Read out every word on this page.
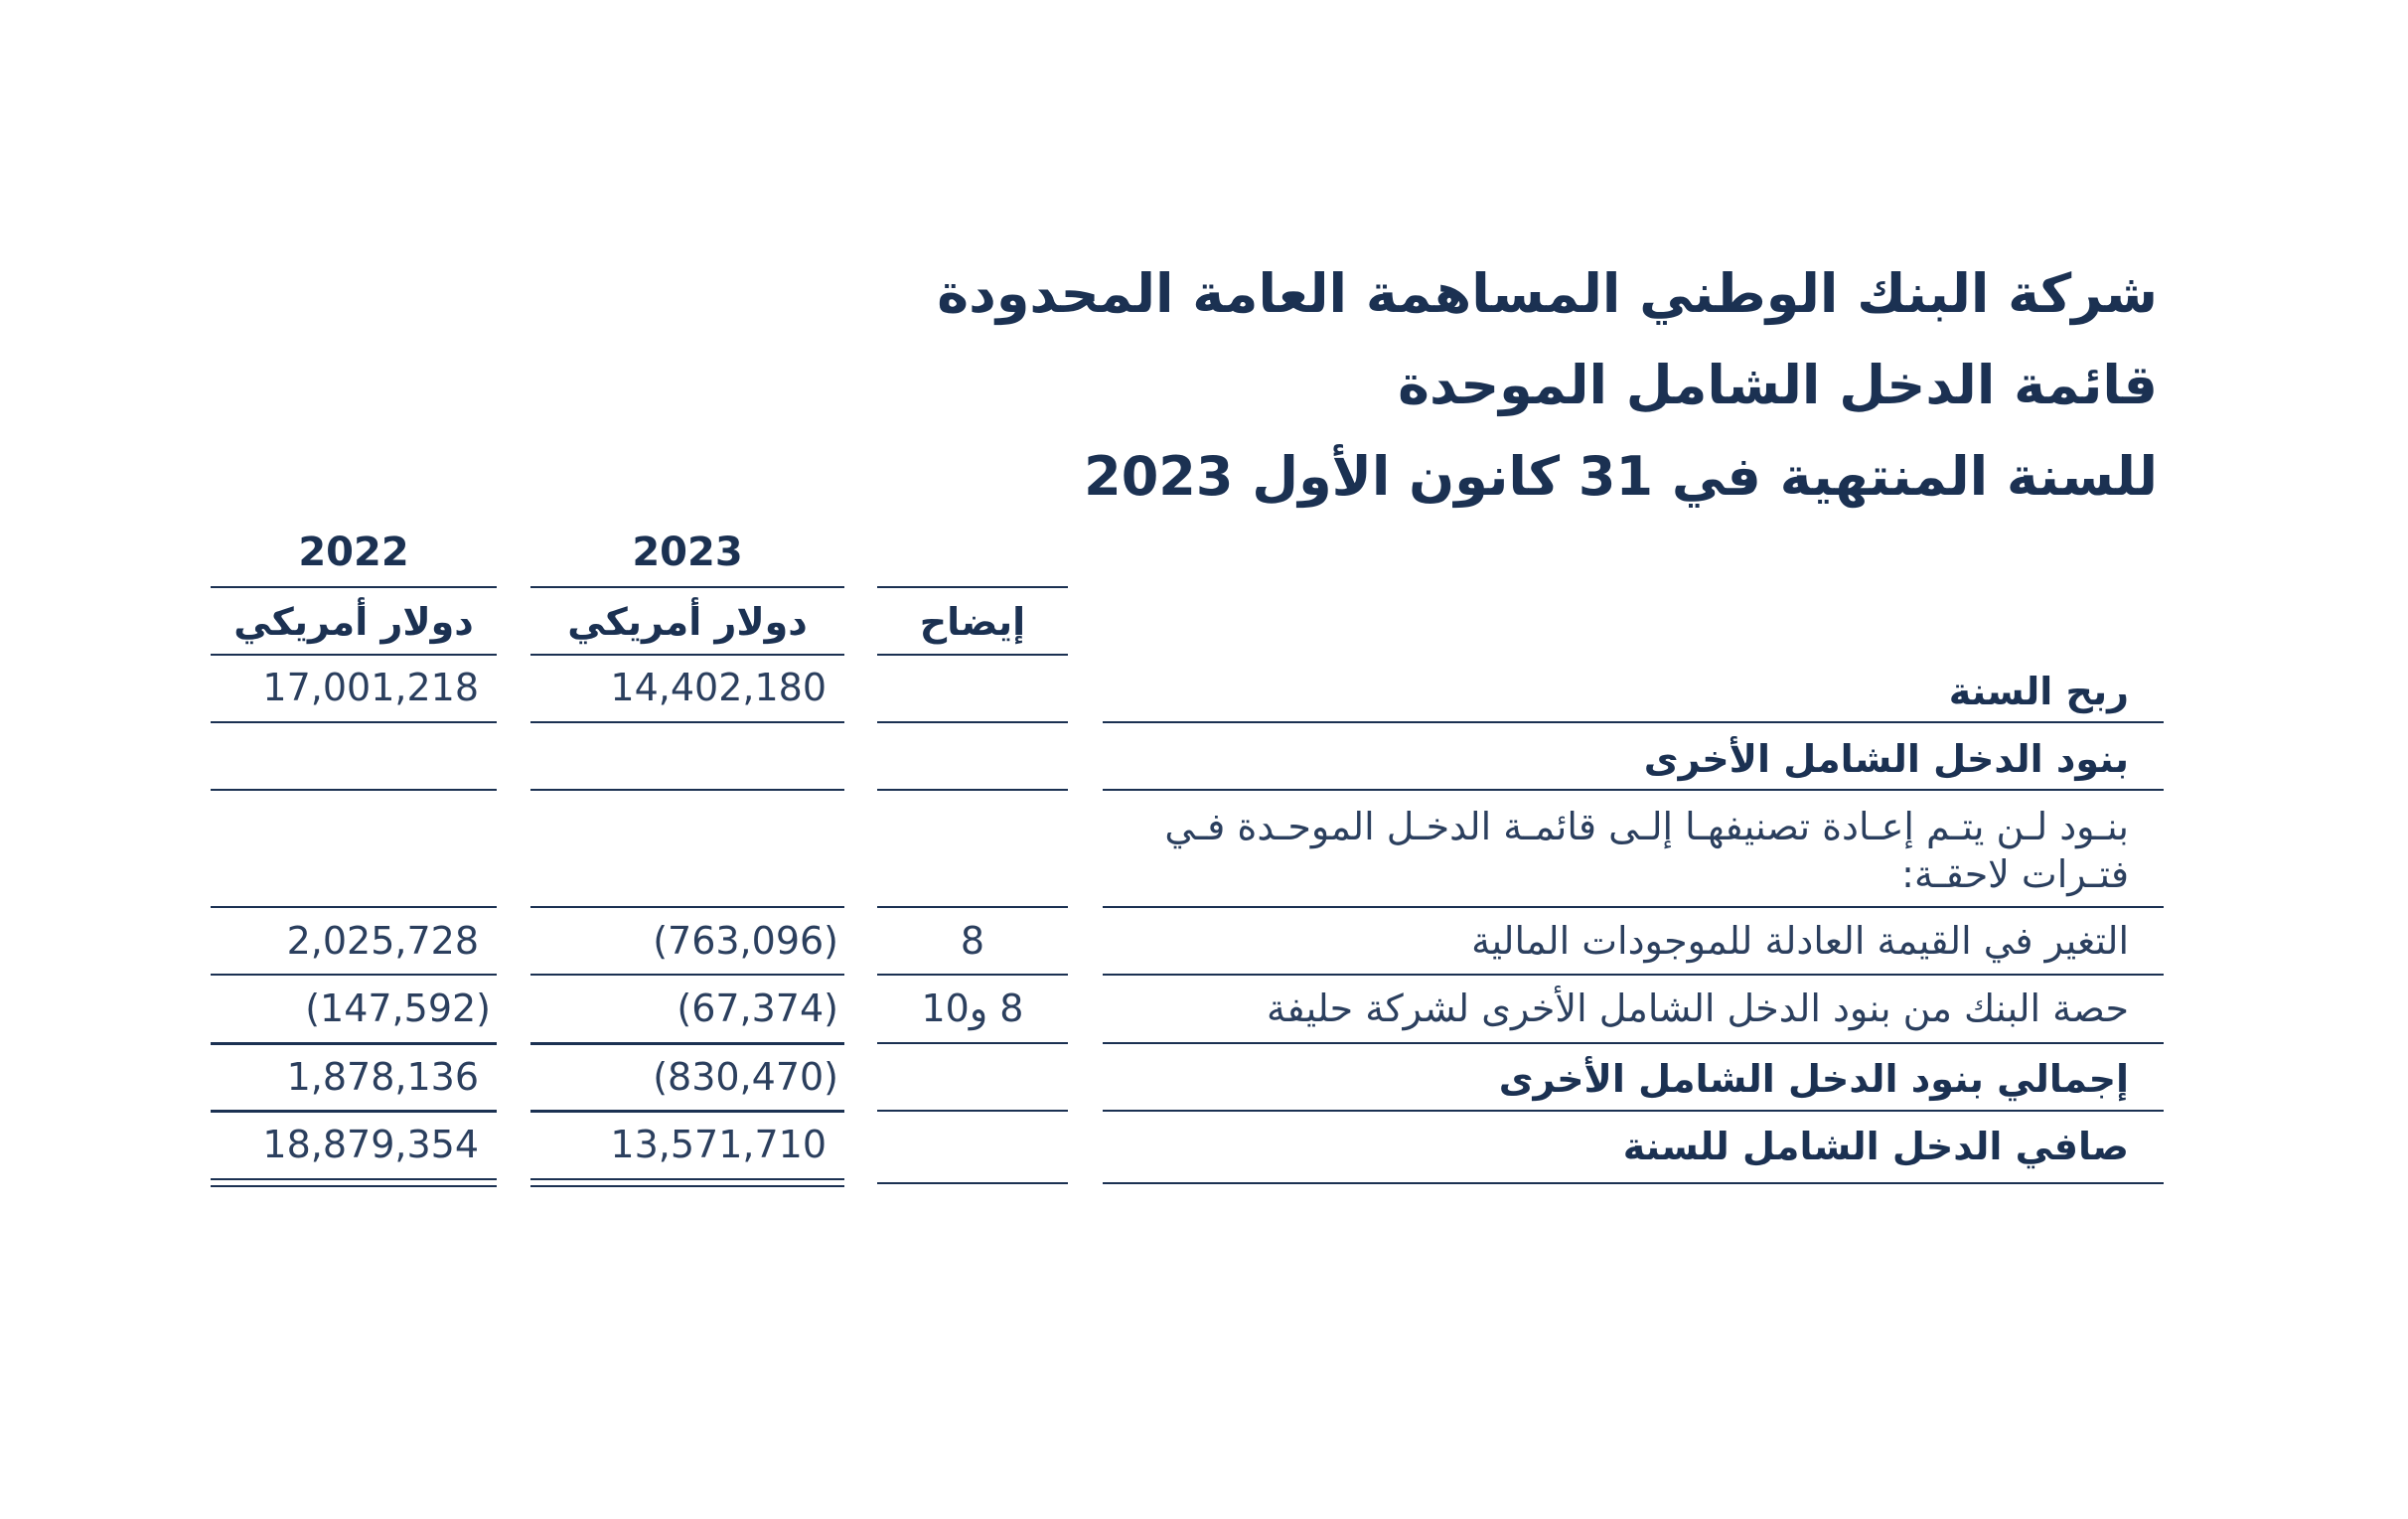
شركة البنك الوطني المساهمة العامة المحدودة
قائمة الدخل الشامل الموحدة
للسنة المنتهية في 31 كانون الأول 2023
2022	2023
دولار أمريكي	دولار أمريكي	إيضاح
17,001,218	14,402,180	ربح السنة
بنود الدخل الشامل الأخرى
بنـود لـن يتـم إعـادة تصنيفهـا إلـى قائمـة الدخـل الموحـدة فـي فتـرات لاحقـة:
2,025,728	(763,096)	8	التغير في القيمة العادلة للموجودات المالية
(147,592)	(67,374)	8 و10	حصة البنك من بنود الدخل الشامل الأخرى لشركة حليفة
1,878,136	(830,470)	إجمالي بنود الدخل الشامل الأخرى
18,879,354	13,571,710	صافي الدخل الشامل للسنة
